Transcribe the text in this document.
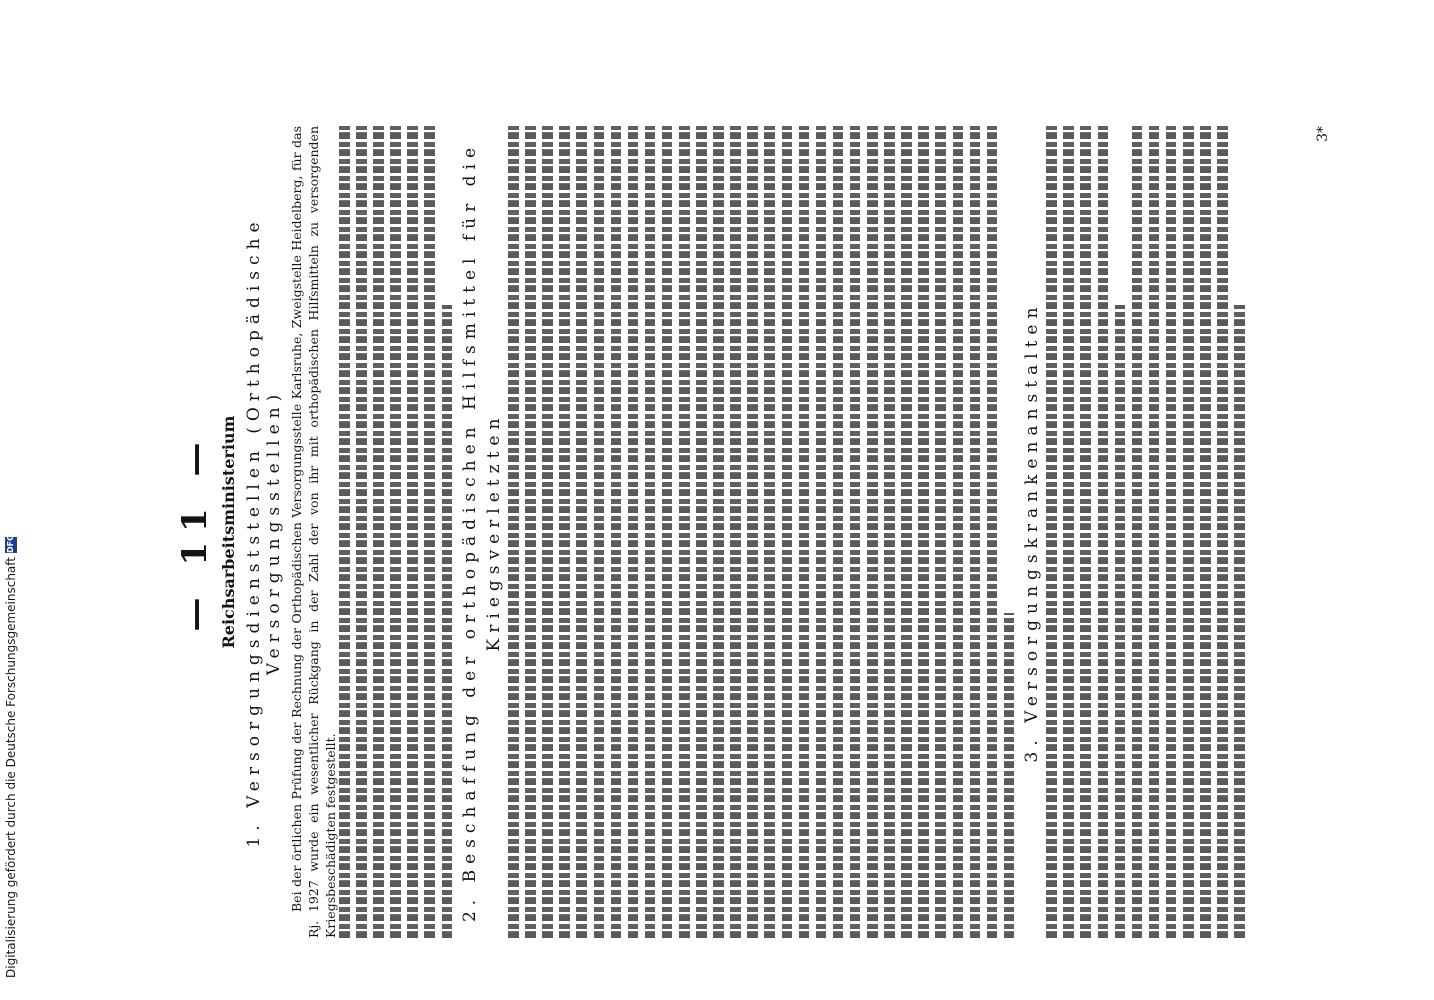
— 11 — Reichsarbeitsministerium 1. Versorgungsdienststellen (Orthopädische Versorgungsstellen) Bei der örtlichen Prüfung der Rechnung der Orthopädischen Versorgungsstelle Karlsruhe, Zweigstelle Heidelberg, für das Rj. 1927 wurde ein wesentlicher Rückgang in der Zahl der von ihr mit orthopädischen Hilfsmitteln zu versorgenden Kriegsbeschädigten festgestellt.	2. Beschaffung der orthopädischen Hilfsmittel für die Kriegsverletzten	3. Versorgungskrankenanstalten
3*
Digitalisierung gefördert durch die Deutsche Forschungsgemeinschaft
DFG
